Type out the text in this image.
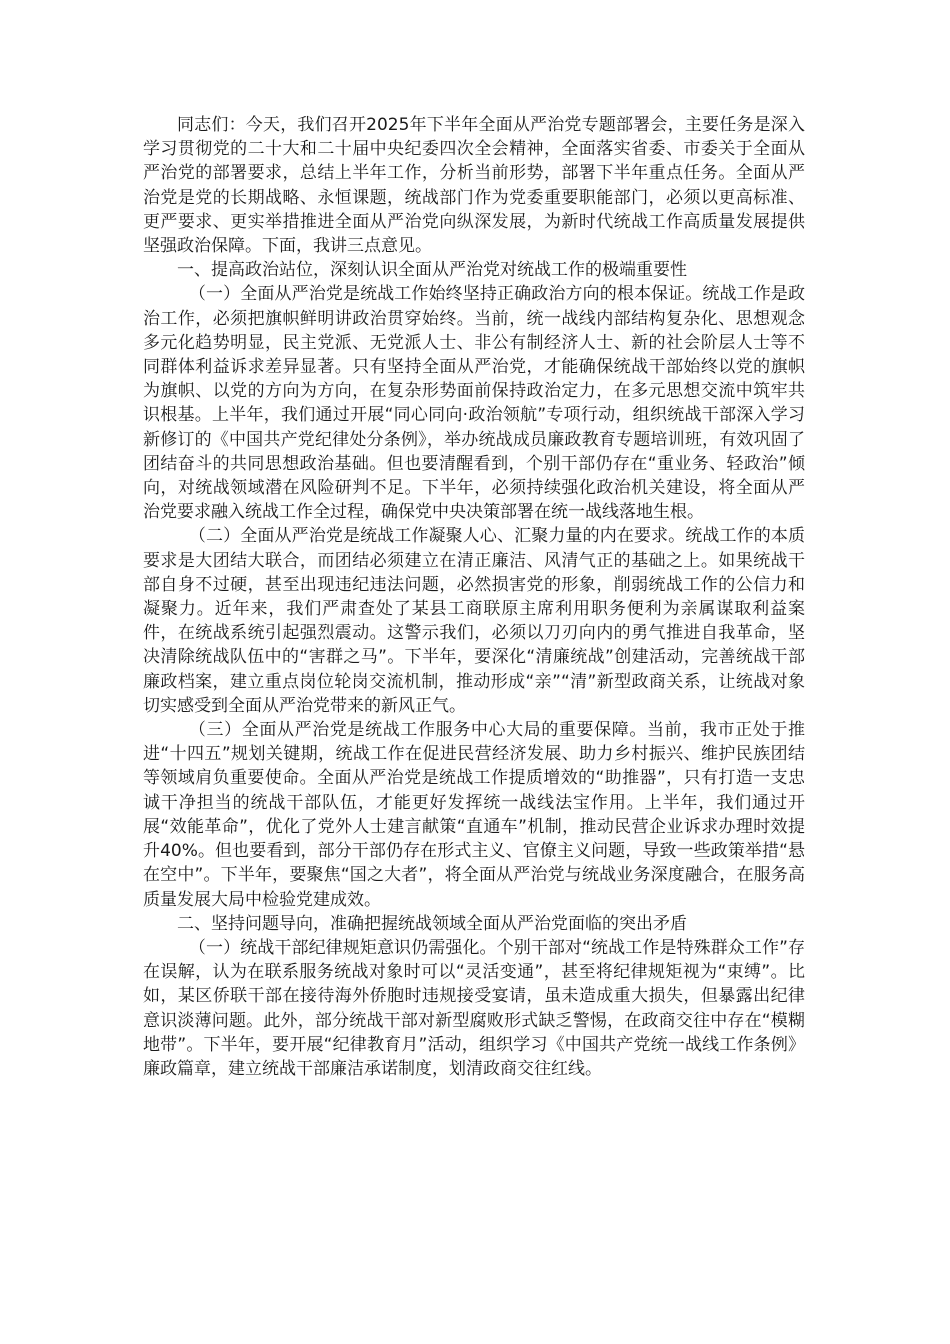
同志们：今天，我们召开2025年下半年全面从严治党专题部署会，主要任务是深入学习贯彻党的二十大和二十届中央纪委四次全会精神，全面落实省委、市委关于全面从严治党的部署要求，总结上半年工作，分析当前形势，部署下半年重点任务。全面从严治党是党的长期战略、永恒课题，统战部门作为党委重要职能部门，必须以更高标准、更严要求、更实举措推进全面从严治党向纵深发展，为新时代统战工作高质量发展提供坚强政治保障。下面，我讲三点意见。

一、提高政治站位，深刻认识全面从严治党对统战工作的极端重要性

（一）全面从严治党是统战工作始终坚持正确政治方向的根本保证。统战工作是政治工作，必须把旗帜鲜明讲政治贯穿始终。当前，统一战线内部结构复杂化、思想观念多元化趋势明显，民主党派、无党派人士、非公有制经济人士、新的社会阶层人士等不同群体利益诉求差异显著。只有坚持全面从严治党，才能确保统战干部始终以党的旗帜为旗帜、以党的方向为方向，在复杂形势面前保持政治定力，在多元思想交流中筑牢共识根基。上半年，我们通过开展“同心同向·政治领航”专项行动，组织统战干部深入学习新修订的《中国共产党纪律处分条例》，举办统战成员廉政教育专题培训班，有效巩固了团结奋斗的共同思想政治基础。但也要清醒看到，个别干部仍存在“重业务、轻政治”倾向，对统战领域潜在风险研判不足。下半年，必须持续强化政治机关建设，将全面从严治党要求融入统战工作全过程，确保党中央决策部署在统一战线落地生根。

（二）全面从严治党是统战工作凝聚人心、汇聚力量的内在要求。统战工作的本质要求是大团结大联合，而团结必须建立在清正廉洁、风清气正的基础之上。如果统战干部自身不过硬，甚至出现违纪违法问题，必然损害党的形象，削弱统战工作的公信力和凝聚力。近年来，我们严肃查处了某县工商联原主席利用职务便利为亲属谋取利益案件，在统战系统引起强烈震动。这警示我们，必须以刀刃向内的勇气推进自我革命，坚决清除统战队伍中的“害群之马”。下半年，要深化“清廉统战”创建活动，完善统战干部廉政档案，建立重点岗位轮岗交流机制，推动形成“亲”“清”新型政商关系，让统战对象切实感受到全面从严治党带来的新风正气。

（三）全面从严治党是统战工作服务中心大局的重要保障。当前，我市正处于推进“十四五”规划关键期，统战工作在促进民营经济发展、助力乡村振兴、维护民族团结等领域肩负重要使命。全面从严治党是统战工作提质增效的“助推器”，只有打造一支忠诚干净担当的统战干部队伍，才能更好发挥统一战线法宝作用。上半年，我们通过开展“效能革命”，优化了党外人士建言献策“直通车”机制，推动民营企业诉求办理时效提升40%。但也要看到，部分干部仍存在形式主义、官僚主义问题，导致一些政策举措“悬在空中”。下半年，要聚焦“国之大者”，将全面从严治党与统战业务深度融合，在服务高质量发展大局中检验党建成效。

二、坚持问题导向，准确把握统战领域全面从严治党面临的突出矛盾

（一）统战干部纪律规矩意识仍需强化。个别干部对“统战工作是特殊群众工作”存在误解，认为在联系服务统战对象时可以“灵活变通”，甚至将纪律规矩视为“束缚”。比如，某区侨联干部在接待海外侨胞时违规接受宴请，虽未造成重大损失，但暴露出纪律意识淡薄问题。此外，部分统战干部对新型腐败形式缺乏警惕，在政商交往中存在“模糊地带”。下半年，要开展“纪律教育月”活动，组织学习《中国共产党统一战线工作条例》廉政篇章，建立统战干部廉洁承诺制度，划清政商交往红线。
